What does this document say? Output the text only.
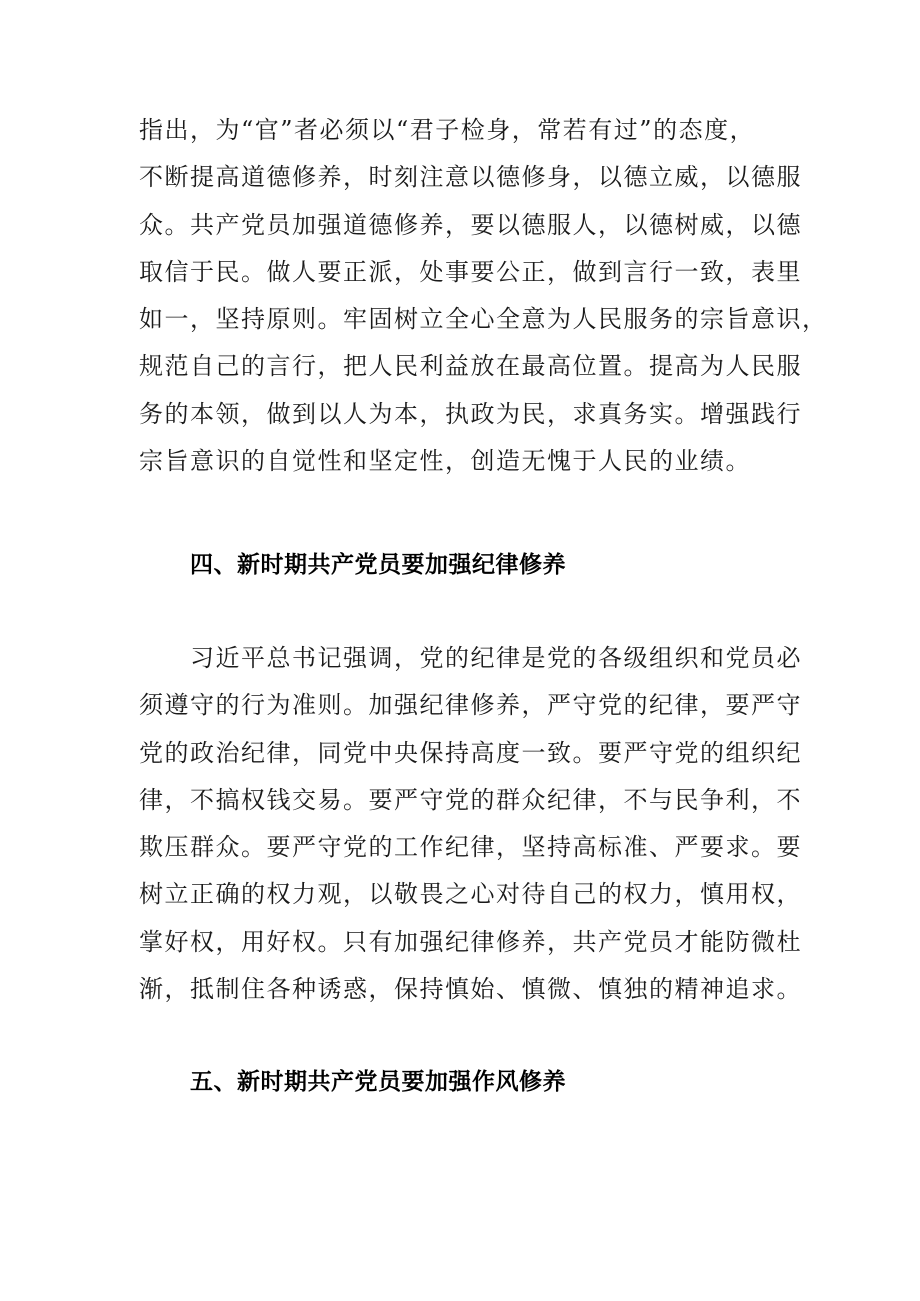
指出，为“官”者必须以“君子检身，常若有过”的态度，
不断提高道德修养，时刻注意以德修身，以德立威，以德服
众。共产党员加强道德修养，要以德服人，以德树威，以德
取信于民。做人要正派，处事要公正，做到言行一致，表里
如一，坚持原则。牢固树立全心全意为人民服务的宗旨意识，
规范自己的言行，把人民利益放在最高位置。提高为人民服
务的本领，做到以人为本，执政为民，求真务实。增强践行
宗旨意识的自觉性和坚定性，创造无愧于人民的业绩。

四、新时期共产党员要加强纪律修养

　　习近平总书记强调，党的纪律是党的各级组织和党员必
须遵守的行为准则。加强纪律修养，严守党的纪律，要严守
党的政治纪律，同党中央保持高度一致。要严守党的组织纪
律，不搞权钱交易。要严守党的群众纪律，不与民争利，不
欺压群众。要严守党的工作纪律，坚持高标准、严要求。要
树立正确的权力观，以敬畏之心对待自己的权力，慎用权，
掌好权，用好权。只有加强纪律修养，共产党员才能防微杜
渐，抵制住各种诱惑，保持慎始、慎微、慎独的精神追求。

五、新时期共产党员要加强作风修养
